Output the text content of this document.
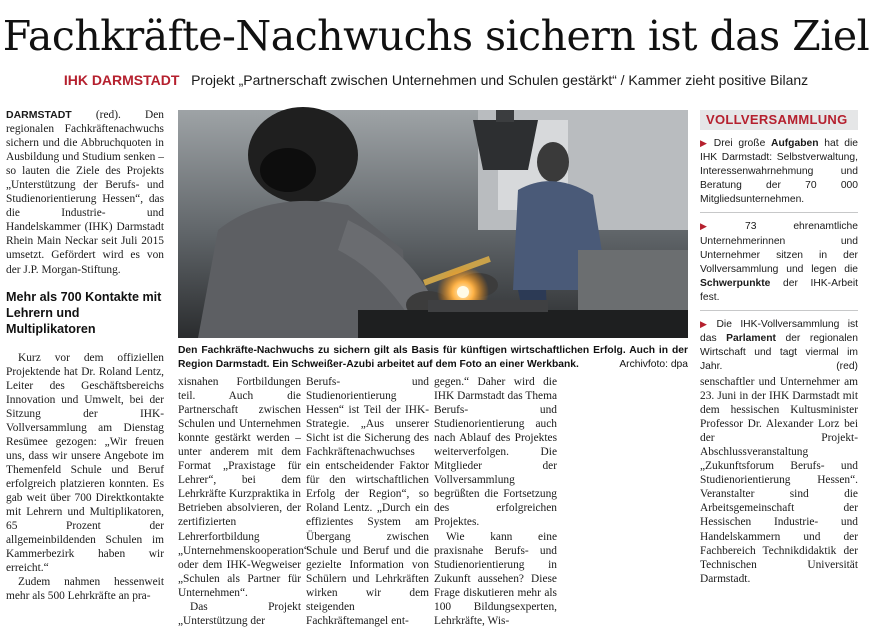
Fachkräfte-Nachwuchs sichern ist das Ziel
IHK DARMSTADT Projekt „Partnerschaft zwischen Unternehmen und Schulen gestärkt“ / Kammer zieht positive Bilanz

DARMSTADT (red). Den regionalen Fachkräftenachwuchs sichern und die Abbruchquoten in Ausbildung und Studium senken – so lauten die Ziele des Projekts „Unterstützung der Berufs- und Studienorientierung Hessen“, das die Industrie- und Handelskammer (IHK) Darmstadt Rhein Main Neckar seit Juli 2015 umsetzt. Gefördert wird es von der J.P. Morgan-Stiftung.

Mehr als 700 Kontakte mit Lehrern und Multiplikatoren

Kurz vor dem offiziellen Projektende hat Dr. Roland Lentz, Leiter des Geschäftsbereichs Innovation und Umwelt, bei der Sitzung der IHK-Vollversammlung am Dienstag Resümee gezogen: „Wir freuen uns, dass wir unsere Angebote im Themenfeld Schule und Beruf erfolgreich platzieren konnten. Es gab weit über 700 Direktkontakte mit Lehrern und Multiplikatoren, 65 Prozent der allgemeinbildenden Schulen im Kammerbezirk haben wir erreicht.“

Zudem nahmen hessenweit mehr als 500 Lehrkräfte an pra-

Den Fachkräfte-Nachwuchs zu sichern gilt als Basis für künftigen wirtschaftlichen Erfolg. Auch in der Region Darmstadt. Ein Schweißer-Azubi arbeitet auf dem Foto an einer Werkbank.	Archivfoto: dpa

xisnahen Fortbildungen teil. Auch die Partnerschaft zwischen Schulen und Unternehmen konnte gestärkt werden – unter anderem mit dem Format „Praxistage für Lehrer“, bei dem Lehrkräfte Kurzpraktika in Betrieben absolvieren, der zertifizierten Lehrerfortbildung „Unternehmenskooperation“ oder dem IHK-Wegweiser „Schulen als Partner für Unternehmen“.

Das Projekt „Unterstützung der

Berufs- und Studienorientierung Hessen“ ist Teil der IHK-Strategie. „Aus unserer Sicht ist die Sicherung des Fachkräftenachwuchses ein entscheidender Faktor für den wirtschaftlichen Erfolg der Region“, so Roland Lentz. „Durch ein effizientes System am Übergang zwischen Schule und Beruf und die gezielte Information von Schülern und Lehrkräften wirken wir dem steigenden Fachkräftemangel ent-

gegen.“ Daher wird die IHK Darmstadt das Thema Berufs- und Studienorientierung auch nach Ablauf des Projektes weiterverfolgen. Die Mitglieder der Vollversammlung begrüßten die Fortsetzung des erfolgreichen Projektes.

Wie kann eine praxisnahe Berufs- und Studienorientierung in Zukunft aussehen? Diese Frage diskutieren mehr als 100 Bildungsexperten, Lehrkräfte, Wis-

senschaftler und Unternehmer am 23. Juni in der IHK Darmstadt mit dem hessischen Kultusminister Professor Dr. Alexander Lorz bei der Projekt-Abschlussveranstaltung „Zukunftsforum Berufs- und Studienorientierung Hessen“. Veranstalter sind die Arbeitsgemeinschaft der Hessischen Industrie- und Handelskammern und der Fachbereich Technikdidaktik der Technischen Universität Darmstadt.

VOLLVERSAMMLUNG
▶ Drei große Aufgaben hat die IHK Darmstadt: Selbstverwaltung, Interessenwahrnehmung und Beratung der 70 000 Mitgliedsunternehmen.
▶ 73 ehrenamtliche Unternehmerinnen und Unternehmer sitzen in der Vollversammlung und legen die Schwerpunkte der IHK-Arbeit fest.
▶ Die IHK-Vollversammlung ist das Parlament der regionalen Wirtschaft und tagt viermal im Jahr.	(red)
